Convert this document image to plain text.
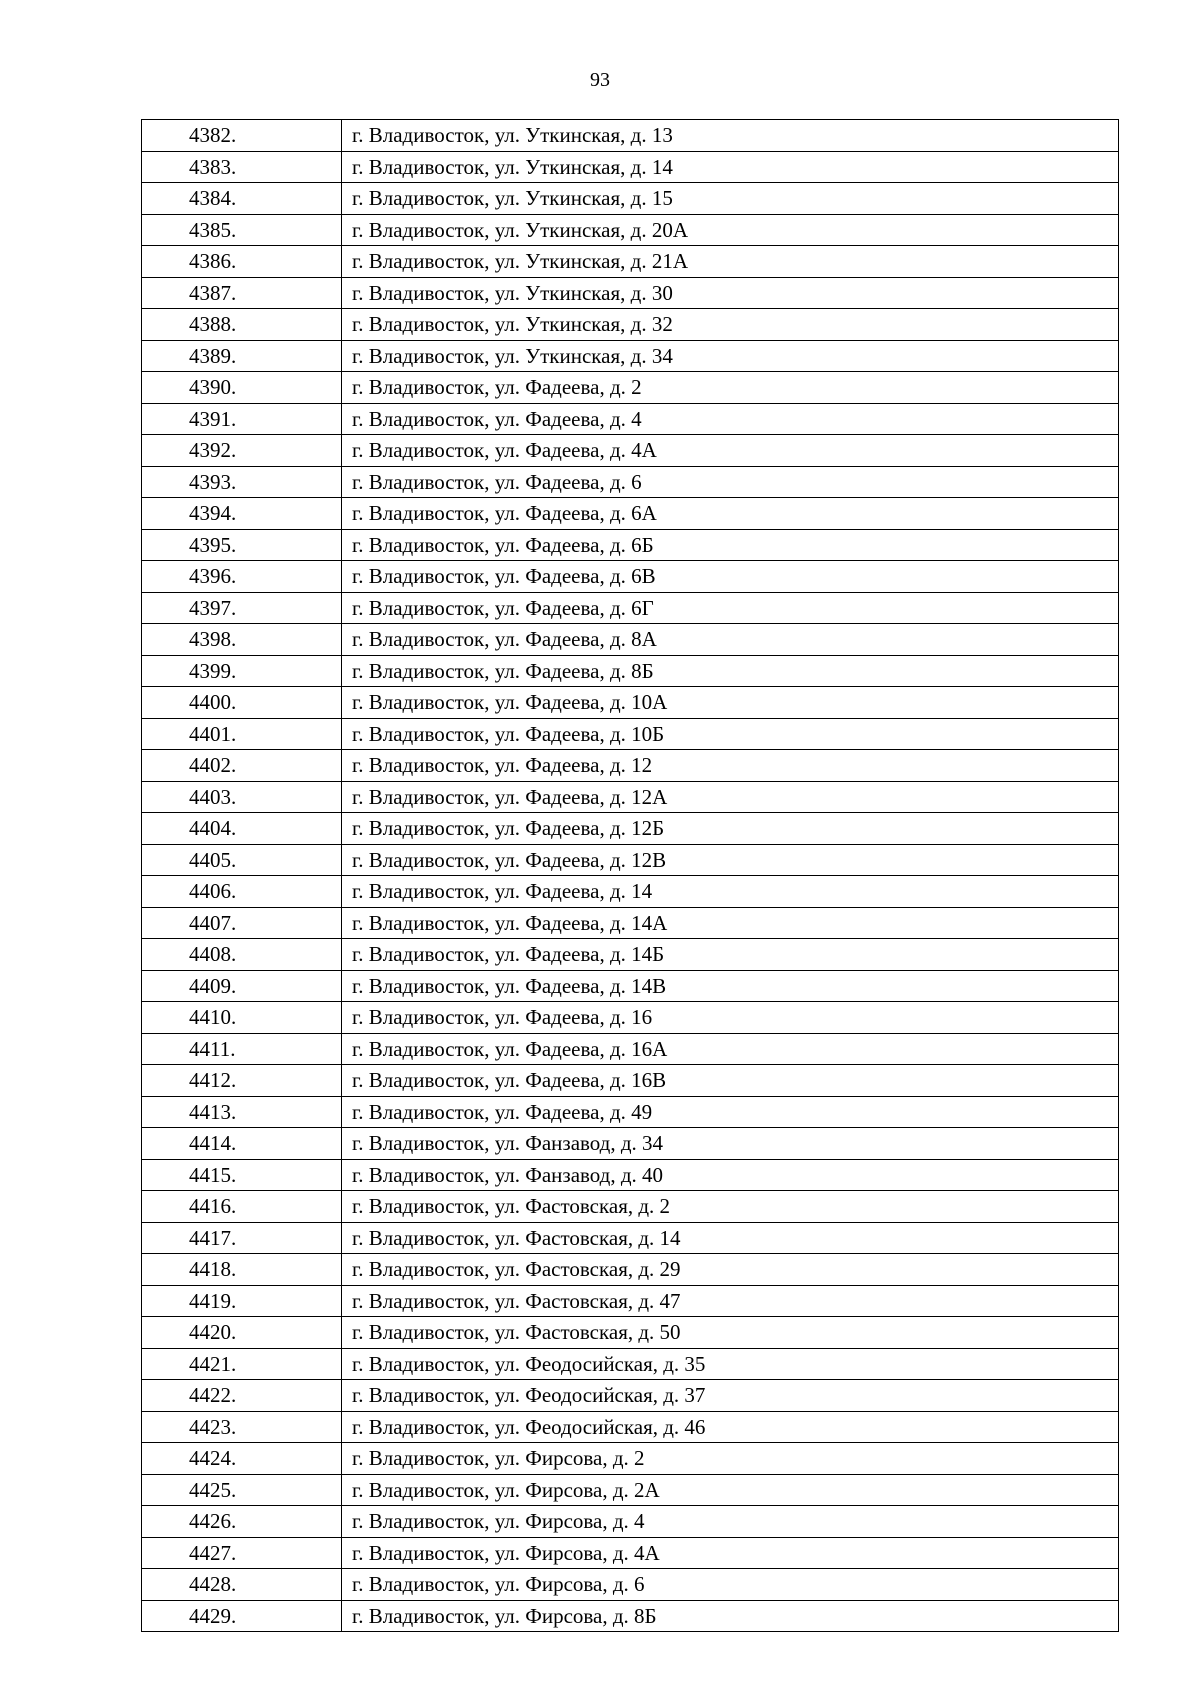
93
4382.	г. Владивосток, ул. Уткинская, д. 13
4383.	г. Владивосток, ул. Уткинская, д. 14
4384.	г. Владивосток, ул. Уткинская, д. 15
4385.	г. Владивосток, ул. Уткинская, д. 20А
4386.	г. Владивосток, ул. Уткинская, д. 21А
4387.	г. Владивосток, ул. Уткинская, д. 30
4388.	г. Владивосток, ул. Уткинская, д. 32
4389.	г. Владивосток, ул. Уткинская, д. 34
4390.	г. Владивосток, ул. Фадеева, д. 2
4391.	г. Владивосток, ул. Фадеева, д. 4
4392.	г. Владивосток, ул. Фадеева, д. 4А
4393.	г. Владивосток, ул. Фадеева, д. 6
4394.	г. Владивосток, ул. Фадеева, д. 6А
4395.	г. Владивосток, ул. Фадеева, д. 6Б
4396.	г. Владивосток, ул. Фадеева, д. 6В
4397.	г. Владивосток, ул. Фадеева, д. 6Г
4398.	г. Владивосток, ул. Фадеева, д. 8А
4399.	г. Владивосток, ул. Фадеева, д. 8Б
4400.	г. Владивосток, ул. Фадеева, д. 10А
4401.	г. Владивосток, ул. Фадеева, д. 10Б
4402.	г. Владивосток, ул. Фадеева, д. 12
4403.	г. Владивосток, ул. Фадеева, д. 12А
4404.	г. Владивосток, ул. Фадеева, д. 12Б
4405.	г. Владивосток, ул. Фадеева, д. 12В
4406.	г. Владивосток, ул. Фадеева, д. 14
4407.	г. Владивосток, ул. Фадеева, д. 14А
4408.	г. Владивосток, ул. Фадеева, д. 14Б
4409.	г. Владивосток, ул. Фадеева, д. 14В
4410.	г. Владивосток, ул. Фадеева, д. 16
4411.	г. Владивосток, ул. Фадеева, д. 16А
4412.	г. Владивосток, ул. Фадеева, д. 16В
4413.	г. Владивосток, ул. Фадеева, д. 49
4414.	г. Владивосток, ул. Фанзавод, д. 34
4415.	г. Владивосток, ул. Фанзавод, д. 40
4416.	г. Владивосток, ул. Фастовская, д. 2
4417.	г. Владивосток, ул. Фастовская, д. 14
4418.	г. Владивосток, ул. Фастовская, д. 29
4419.	г. Владивосток, ул. Фастовская, д. 47
4420.	г. Владивосток, ул. Фастовская, д. 50
4421.	г. Владивосток, ул. Феодосийская, д. 35
4422.	г. Владивосток, ул. Феодосийская, д. 37
4423.	г. Владивосток, ул. Феодосийская, д. 46
4424.	г. Владивосток, ул. Фирсова, д. 2
4425.	г. Владивосток, ул. Фирсова, д. 2А
4426.	г. Владивосток, ул. Фирсова, д. 4
4427.	г. Владивосток, ул. Фирсова, д. 4А
4428.	г. Владивосток, ул. Фирсова, д. 6
4429.	г. Владивосток, ул. Фирсова, д. 8Б
